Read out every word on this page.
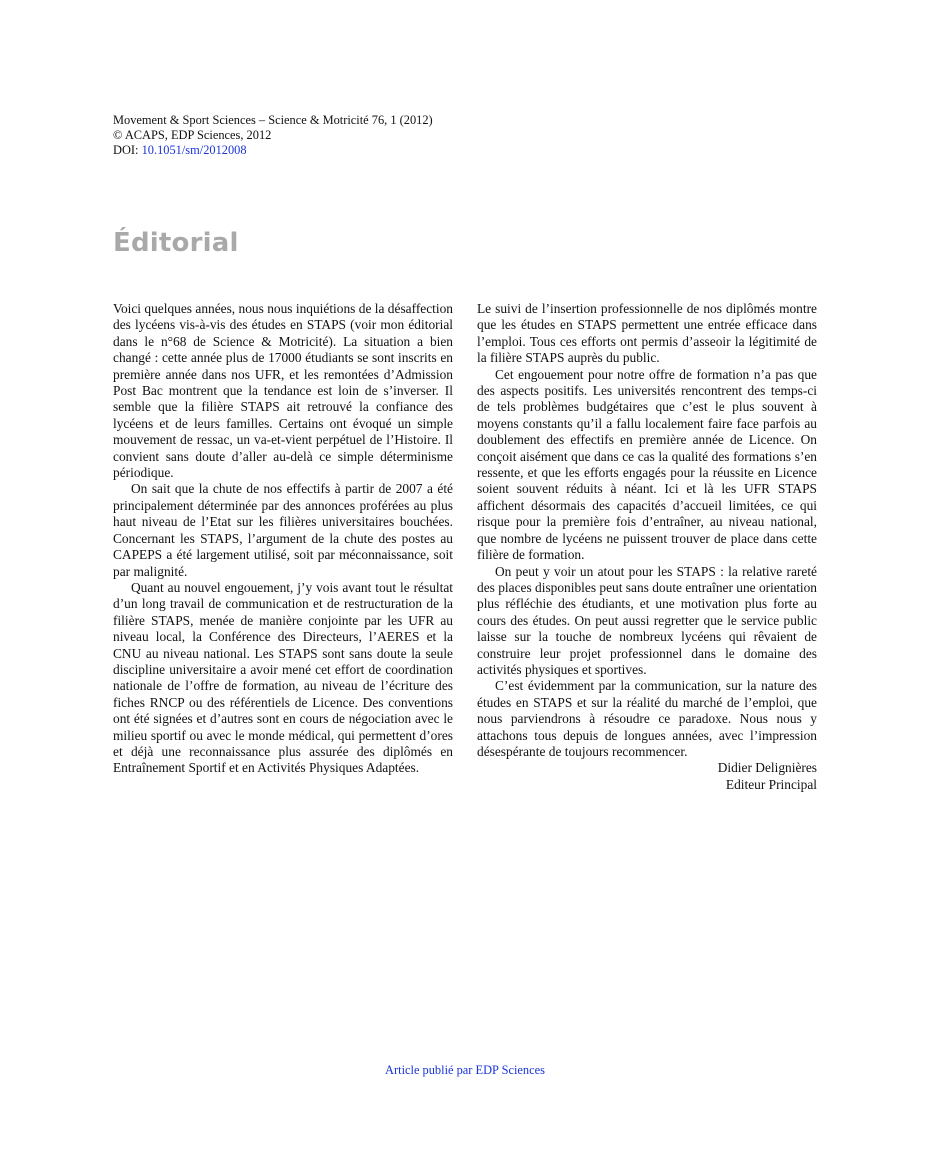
Movement & Sport Sciences – Science & Motricité 76, 1 (2012)
© ACAPS, EDP Sciences, 2012
DOI: 10.1051/sm/2012008
Éditorial

Voici quelques années, nous nous inquiétions de la désaffection des lycéens vis-à-vis des études en STAPS (voir mon éditorial dans le n°68 de Science & Motricité). La situation a bien changé : cette année plus de 17000 étudiants se sont inscrits en première année dans nos UFR, et les remontées d’Admission Post Bac montrent que la tendance est loin de s’inverser. Il semble que la filière STAPS ait retrouvé la confiance des lycéens et de leurs familles. Certains ont évoqué un simple mouvement de ressac, un va-et-vient perpétuel de l’Histoire. Il convient sans doute d’aller au-delà ce simple déterminisme périodique.

On sait que la chute de nos effectifs à partir de 2007 a été principalement déterminée par des annonces proférées au plus haut niveau de l’Etat sur les filières universitaires bouchées. Concernant les STAPS, l’argument de la chute des postes au CAPEPS a été largement utilisé, soit par méconnaissance, soit par malignité.

Quant au nouvel engouement, j’y vois avant tout le résultat d’un long travail de communication et de restructuration de la filière STAPS, menée de manière conjointe par les UFR au niveau local, la Conférence des Directeurs, l’AERES et la CNU au niveau national. Les STAPS sont sans doute la seule discipline universitaire a avoir mené cet effort de coordination nationale de l’offre de formation, au niveau de l’écriture des fiches RNCP ou des référentiels de Licence. Des conventions ont été signées et d’autres sont en cours de négociation avec le milieu sportif ou avec le monde médical, qui permettent d’ores et déjà une reconnaissance plus assurée des diplômés en Entraînement Sportif et en Activités Physiques Adaptées.

Le suivi de l’insertion professionnelle de nos diplômés montre que les études en STAPS permettent une entrée efficace dans l’emploi. Tous ces efforts ont permis d’asseoir la légitimité de la filière STAPS auprès du public.

Cet engouement pour notre offre de formation n’a pas que des aspects positifs. Les universités rencontrent des temps-ci de tels problèmes budgétaires que c’est le plus souvent à moyens constants qu’il a fallu localement faire face parfois au doublement des effectifs en première année de Licence. On conçoit aisément que dans ce cas la qualité des formations s’en ressente, et que les efforts engagés pour la réussite en Licence soient souvent réduits à néant. Ici et là les UFR STAPS affichent désormais des capacités d’accueil limitées, ce qui risque pour la première fois d’entraîner, au niveau national, que nombre de lycéens ne puissent trouver de place dans cette filière de formation.

On peut y voir un atout pour les STAPS : la relative rareté des places disponibles peut sans doute entraîner une orientation plus réfléchie des étudiants, et une motivation plus forte au cours des études. On peut aussi regretter que le service public laisse sur la touche de nombreux lycéens qui rêvaient de construire leur projet professionnel dans le domaine des activités physiques et sportives.

C’est évidemment par la communication, sur la nature des études en STAPS et sur la réalité du marché de l’emploi, que nous parviendrons à résoudre ce paradoxe. Nous nous y attachons tous depuis de longues années, avec l’impression désespérante de toujours recommencer.

Didier Delignières
Editeur Principal
Article publié par EDP Sciences
